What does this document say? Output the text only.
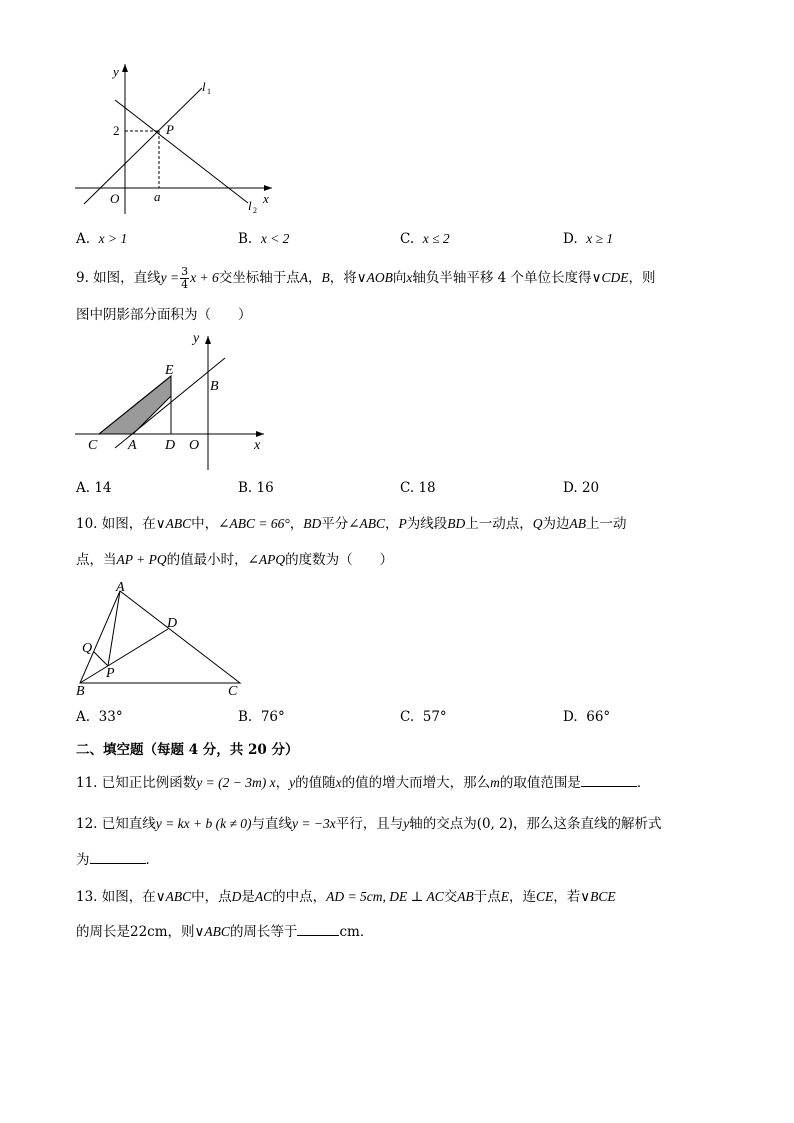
y
x
O
2
a
P
l 1
l 2
A. x > 1	B. x < 2	C. x ≤ 2	D. x ≥ 1
9. 如图，直线$y = \frac{3}{4}$ x + 6交坐标轴于点A，B，将∨AOB向x轴负半轴平移 4 个单位长度得∨CDE，则
图中阴影部分面积为（　　）
y
x
E
B
C A D O
A. 14	B. 16	C. 18	D. 20
10. 如图，在∨ABC中，∠ABC = 66°，BD平分∠ABC，P为线段BD上一动点，Q为边AB上一动
点，当AP + PQ的值最小时，∠APQ的度数为（　　）
A
D
Q
P
B	C
A. 33°	B. 76°	C. 57°	D. 66°
二、填空题（每题 4 分，共 20 分）
11. 已知正比例函数y = (2 − 3m) x，y的值随x的值的增大而增大，那么m的取值范围是	．
12. 已知直线y = kx + b (k ≠ 0)与直线y = −3x平行，且与y轴的交点为(0, 2)，那么这条直线的解析式
为	．
13. 如图，在∨ABC中，点D是AC的中点，AD = 5cm, DE ⊥ AC交AB于点E，连CE，若∨BCE
的周长是22cm，则∨ABC的周长等于	cm．
